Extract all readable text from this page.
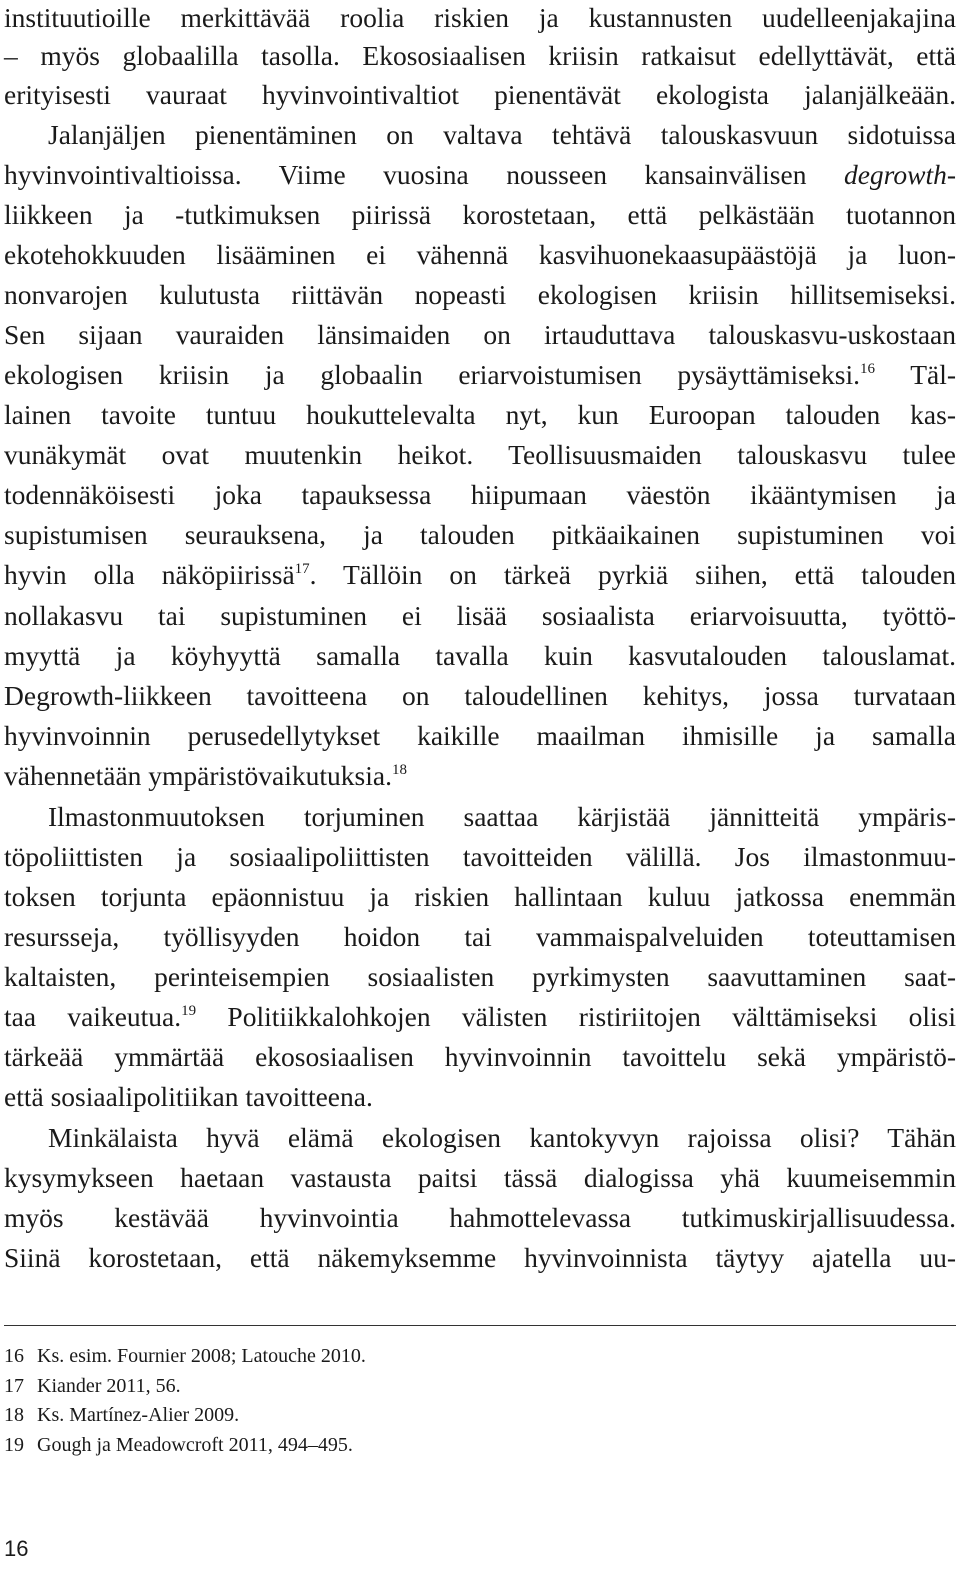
instituutioille merkittävää roolia riskien ja kustannusten uudelleenjakajina
– myös globaalilla tasolla. Ekososiaalisen kriisin ratkaisut edellyttävät, että
erityisesti vauraat hyvinvointivaltiot pienentävät ekologista jalanjälkeään.
Jalanjäljen pienentäminen on valtava tehtävä talouskasvuun sidotuissa
hyvinvointivaltioissa. Viime vuosina nousseen kansainvälisen degrowth-
liikkeen ja -tutkimuksen piirissä korostetaan, että pelkästään tuotannon
ekotehokkuuden lisääminen ei vähennä kasvihuonekaasupäästöjä ja luon-
nonvarojen kulutusta riittävän nopeasti ekologisen kriisin hillitsemiseksi.
Sen sijaan vauraiden länsimaiden on irtauduttava talouskasvu-uskostaan
ekologisen kriisin ja globaalin eriarvoistumisen pysäyttämiseksi.$^{16}$ Täl-
lainen tavoite tuntuu houkuttelevalta nyt, kun Euroopan talouden kas-
vunäkymät ovat muutenkin heikot. Teollisuusmaiden talouskasvu tulee
todennäköisesti joka tapauksessa hiipumaan väestön ikääntymisen ja
supistumisen seurauksena, ja talouden pitkäaikainen supistuminen voi
hyvin olla näköpiirissä$^{17}$. Tällöin on tärkeä pyrkiä siihen, että talouden
nollakasvu tai supistuminen ei lisää sosiaalista eriarvoisuutta, työttö-
myyttä ja köyhyyttä samalla tavalla kuin kasvutalouden talouslamat.
Degrowth-liikkeen tavoitteena on taloudellinen kehitys, jossa turvataan
hyvinvoinnin perusedellytykset kaikille maailman ihmisille ja samalla
vähennetään ympäristövaikutuksia.$^{18}$
Ilmastonmuutoksen torjuminen saattaa kärjistää jännitteitä ympäris-
töpoliittisten ja sosiaalipoliittisten tavoitteiden välillä. Jos ilmastonmuu-
toksen torjunta epäonnistuu ja riskien hallintaan kuluu jatkossa enemmän
resursseja, työllisyyden hoidon tai vammaispalveluiden toteuttamisen
kaltaisten, perinteisempien sosiaalisten pyrkimysten saavuttaminen saat-
taa vaikeutua.$^{19}$ Politiikkalohkojen välisten ristiriitojen välttämiseksi olisi
tärkeää ymmärtää ekososiaalisen hyvinvoinnin tavoittelu sekä ympäristö-
että sosiaalipolitiikan tavoitteena.
Minkälaista hyvä elämä ekologisen kantokyvyn rajoissa olisi? Tähän
kysymykseen haetaan vastausta paitsi tässä dialogissa yhä kuumeisemmin
myös kestävää hyvinvointia hahmottelevassa tutkimuskirjallisuudessa.
Siinä korostetaan, että näkemyksemme hyvinvoinnista täytyy ajatella uu-
16 Ks. esim. Fournier 2008; Latouche 2010.
17 Kiander 2011, 56.
18 Ks. Martínez-Alier 2009.
19 Gough ja Meadowcroft 2011, 494–495.
16
